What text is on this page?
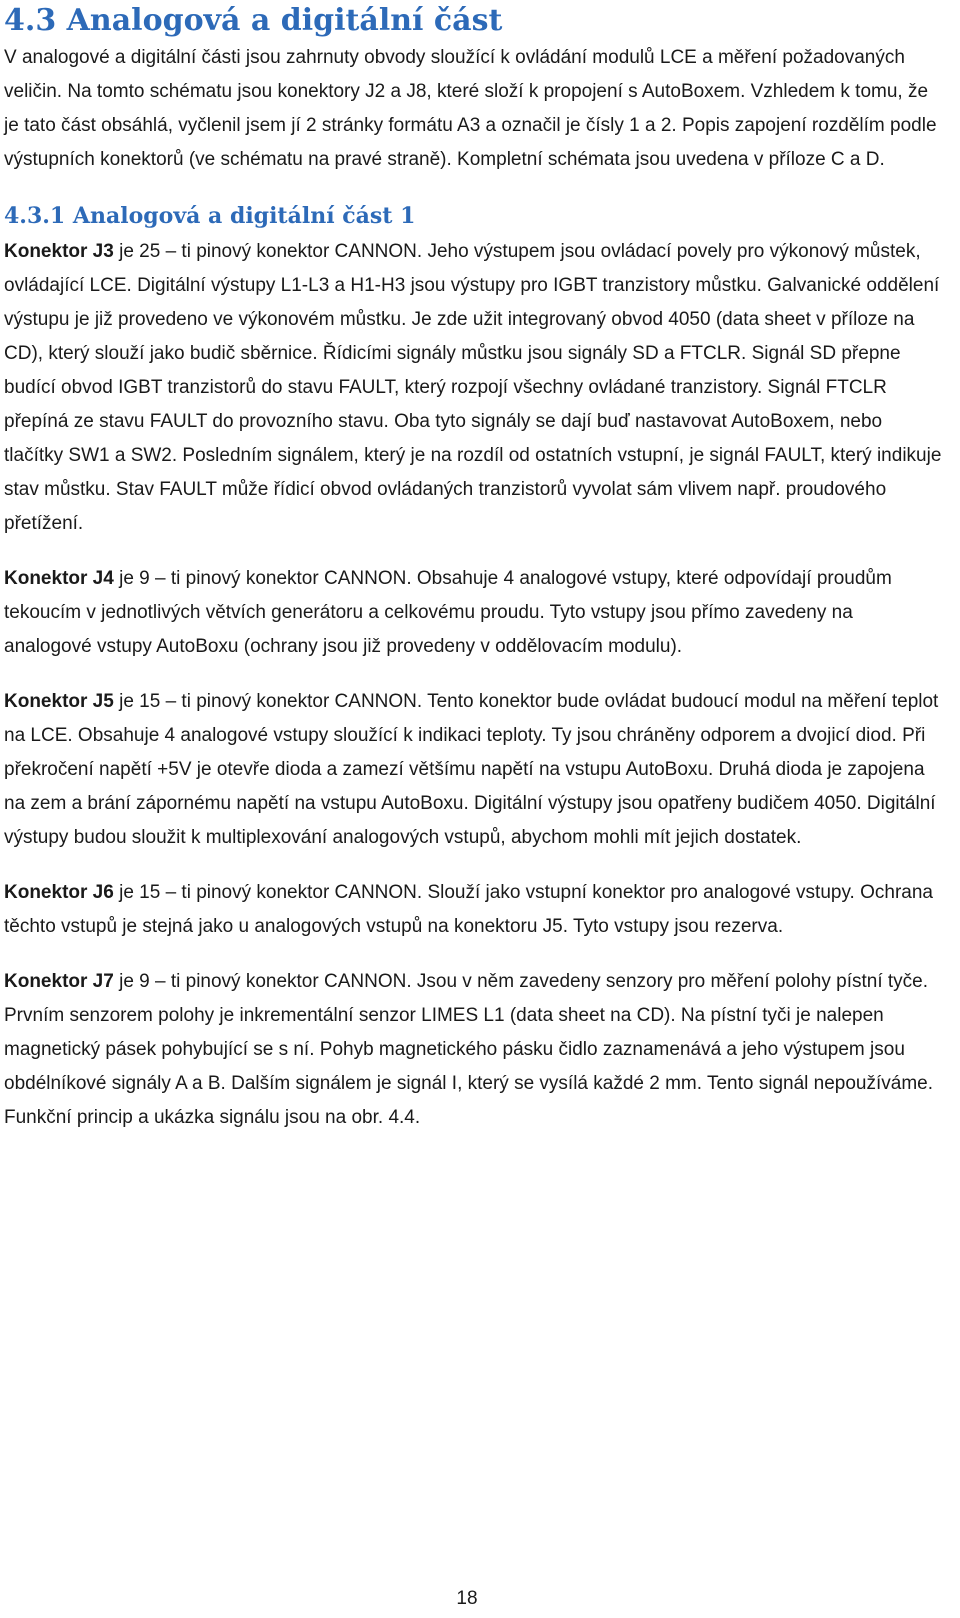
4.3 Analogová a digitální část

V analogové a digitální části jsou zahrnuty obvody sloužící k ovládání modulů LCE a měření požadovaných veličin. Na tomto schématu jsou konektory J2 a J8, které složí k propojení s AutoBoxem. Vzhledem k tomu, že je tato část obsáhlá, vyčlenil jsem jí 2 stránky formátu A3 a označil je čísly 1 a 2. Popis zapojení rozdělím podle výstupních konektorů (ve schématu na pravé straně). Kompletní schémata jsou uvedena v příloze C a D.

4.3.1 Analogová a digitální část 1

Konektor J3 je 25 – ti pinový konektor CANNON. Jeho výstupem jsou ovládací povely pro výkonový můstek, ovládající LCE. Digitální výstupy L1-L3 a H1-H3 jsou výstupy pro IGBT tranzistory můstku. Galvanické oddělení výstupu je již provedeno ve výkonovém můstku. Je zde užit integrovaný obvod 4050 (data sheet v příloze na CD), který slouží jako budič sběrnice. Řídicími signály můstku jsou signály SD a FTCLR. Signál SD přepne budící obvod IGBT tranzistorů do stavu FAULT, který rozpojí všechny ovládané tranzistory. Signál FTCLR přepíná ze stavu FAULT do provozního stavu. Oba tyto signály se dají buď nastavovat AutoBoxem, nebo tlačítky SW1 a SW2. Posledním signálem, který je na rozdíl od ostatních vstupní, je signál FAULT, který indikuje stav můstku. Stav FAULT může řídicí obvod ovládaných tranzistorů vyvolat sám vlivem např. proudového přetížení.

Konektor J4 je 9 – ti pinový konektor CANNON. Obsahuje 4 analogové vstupy, které odpovídají proudům tekoucím v jednotlivých větvích generátoru a celkovému proudu. Tyto vstupy jsou přímo zavedeny na analogové vstupy AutoBoxu (ochrany jsou již provedeny v oddělovacím modulu).

Konektor J5 je 15 – ti pinový konektor CANNON. Tento konektor bude ovládat budoucí modul na měření teplot na LCE. Obsahuje 4 analogové vstupy sloužící k indikaci teploty. Ty jsou chráněny odporem a dvojicí diod. Při překročení napětí +5V je otevře dioda a zamezí většímu napětí na vstupu AutoBoxu. Druhá dioda je zapojena na zem a brání zápornému napětí na vstupu AutoBoxu. Digitální výstupy jsou opatřeny budičem 4050. Digitální výstupy budou sloužit k multiplexování analogových vstupů, abychom mohli mít jejich dostatek.

Konektor J6 je 15 – ti pinový konektor CANNON. Slouží jako vstupní konektor pro analogové vstupy. Ochrana těchto vstupů je stejná jako u analogových vstupů na konektoru J5. Tyto vstupy jsou rezerva.

Konektor J7 je 9 – ti pinový konektor CANNON. Jsou v něm zavedeny senzory pro měření polohy pístní tyče. Prvním senzorem polohy je inkrementální senzor LIMES L1 (data sheet na CD). Na pístní tyči je nalepen magnetický pásek pohybující se s ní. Pohyb magnetického pásku čidlo zaznamenává a jeho výstupem jsou obdélníkové signály A a B. Dalším signálem je signál I, který se vysílá každé 2 mm. Tento signál nepoužíváme. Funkční princip a ukázka signálu jsou na obr. 4.4.

18
